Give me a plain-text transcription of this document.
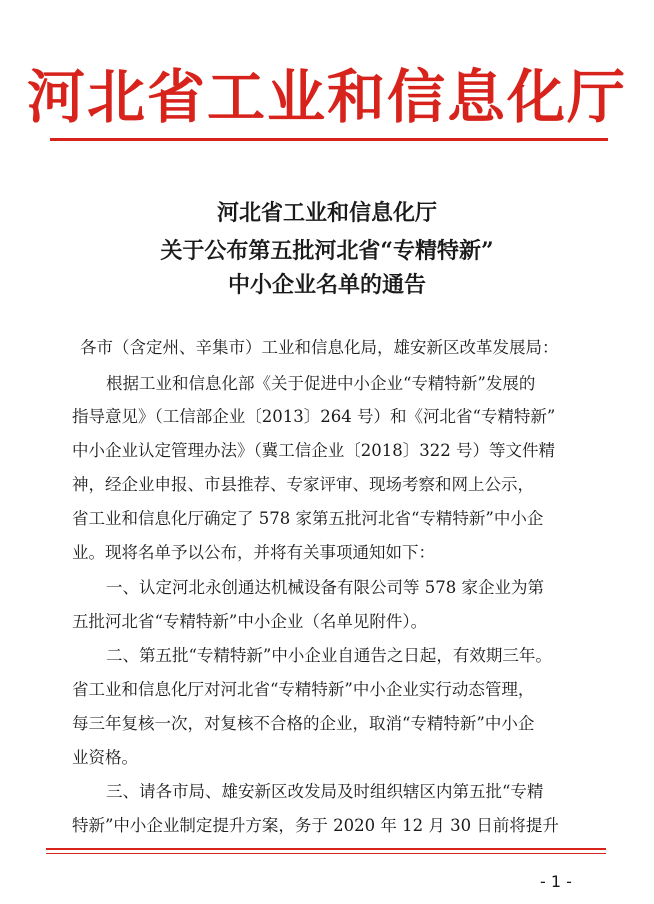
河北省工业和信息化厅
河北省工业和信息化厅
关于公布第五批河北省“专精特新”
中小企业名单的通告
各市（含定州、辛集市）工业和信息化局，雄安新区改革发展局：
根据工业和信息化部《关于促进中小企业“专精特新”发展的
指导意见》（工信部企业〔2013〕264 号）和《河北省“专精特新”
中小企业认定管理办法》（冀工信企业〔2018〕322 号）等文件精
神，经企业申报、市县推荐、专家评审、现场考察和网上公示，
省工业和信息化厅确定了 578 家第五批河北省“专精特新”中小企
业。现将名单予以公布，并将有关事项通知如下：
一、认定河北永创通达机械设备有限公司等 578 家企业为第
五批河北省“专精特新”中小企业（名单见附件）。
二、第五批“专精特新”中小企业自通告之日起，有效期三年。
省工业和信息化厅对河北省“专精特新”中小企业实行动态管理，
每三年复核一次，对复核不合格的企业，取消“专精特新”中小企
业资格。
三、请各市局、雄安新区改发局及时组织辖区内第五批“专精
特新”中小企业制定提升方案，务于 2020 年 12 月 30 日前将提升
- 1 -
